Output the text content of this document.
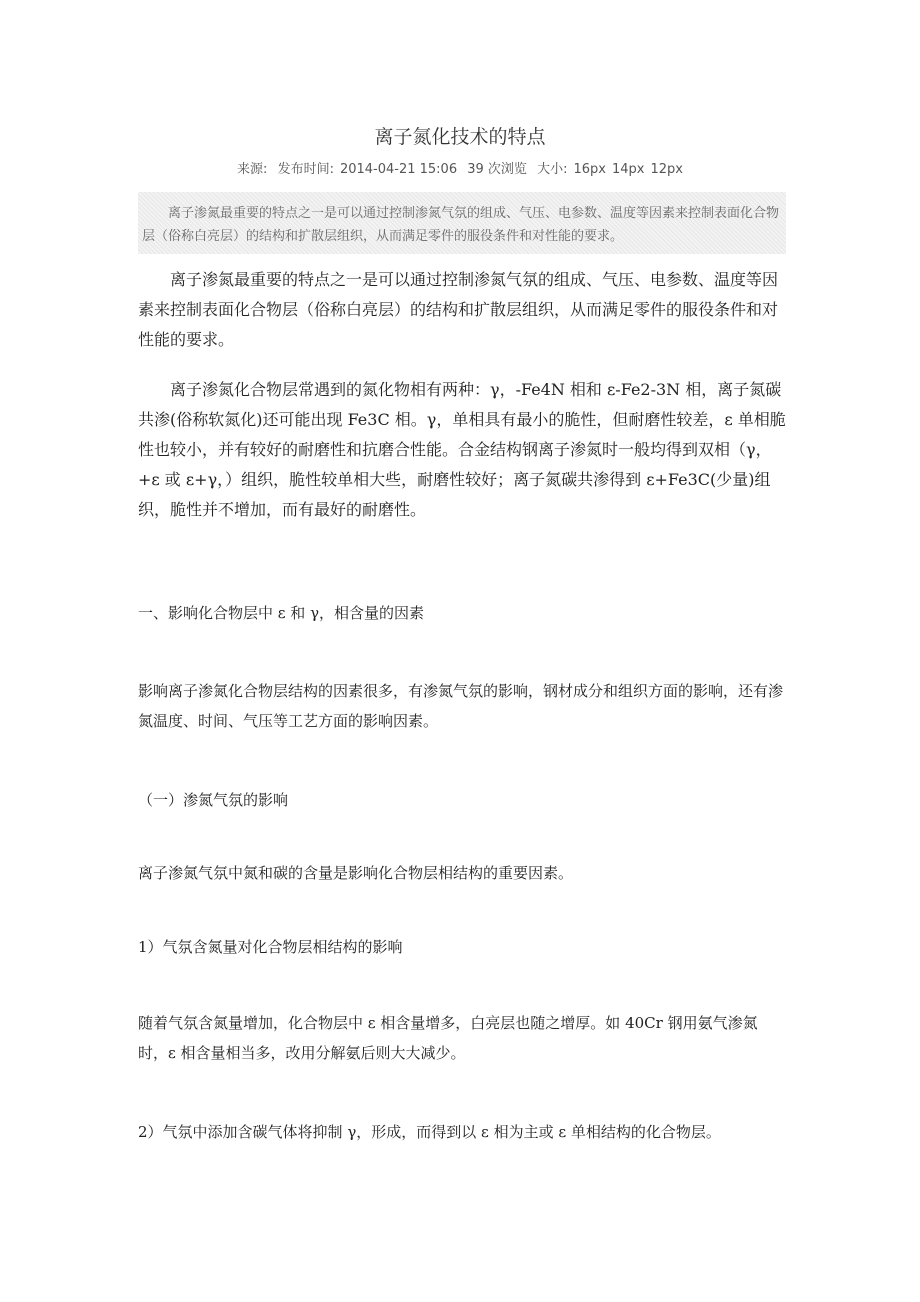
离子氮化技术的特点
来源: 发布时间: 2014-04-21 15:06 39 次浏览 大小: 16px 14px 12px
离子渗氮最重要的特点之一是可以通过控制渗氮气氛的组成、气压、电参数、温度等因素来控制表面化合物层（俗称白亮层）的结构和扩散层组织，从而满足零件的服役条件和对性能的要求。

离子渗氮最重要的特点之一是可以通过控制渗氮气氛的组成、气压、电参数、温度等因素来控制表面化合物层（俗称白亮层）的结构和扩散层组织，从而满足零件的服役条件和对性能的要求。

离子渗氮化合物层常遇到的氮化物相有两种：γ，-Fe4N 相和 ε-Fe2-3N 相，离子氮碳共渗(俗称软氮化)还可能出现 Fe3C 相。γ，单相具有最小的脆性，但耐磨性较差，ε 单相脆性也较小，并有较好的耐磨性和抗磨合性能。合金结构钢离子渗氮时一般均得到双相（γ，+ε 或 ε+γ，）组织，脆性较单相大些，耐磨性较好；离子氮碳共渗得到 ε+Fe3C(少量)组织，脆性并不增加，而有最好的耐磨性。

一、影响化合物层中 ε 和 γ，相含量的因素

影响离子渗氮化合物层结构的因素很多，有渗氮气氛的影响，钢材成分和组织方面的影响，还有渗氮温度、时间、气压等工艺方面的影响因素。

（一）渗氮气氛的影响

离子渗氮气氛中氮和碳的含量是影响化合物层相结构的重要因素。

1）气氛含氮量对化合物层相结构的影响

随着气氛含氮量增加，化合物层中 ε 相含量增多，白亮层也随之增厚。如 40Cr 钢用氨气渗氮时，ε 相含量相当多，改用分解氨后则大大减少。

2）气氛中添加含碳气体将抑制 γ，形成，而得到以 ε 相为主或 ε 单相结构的化合物层。
